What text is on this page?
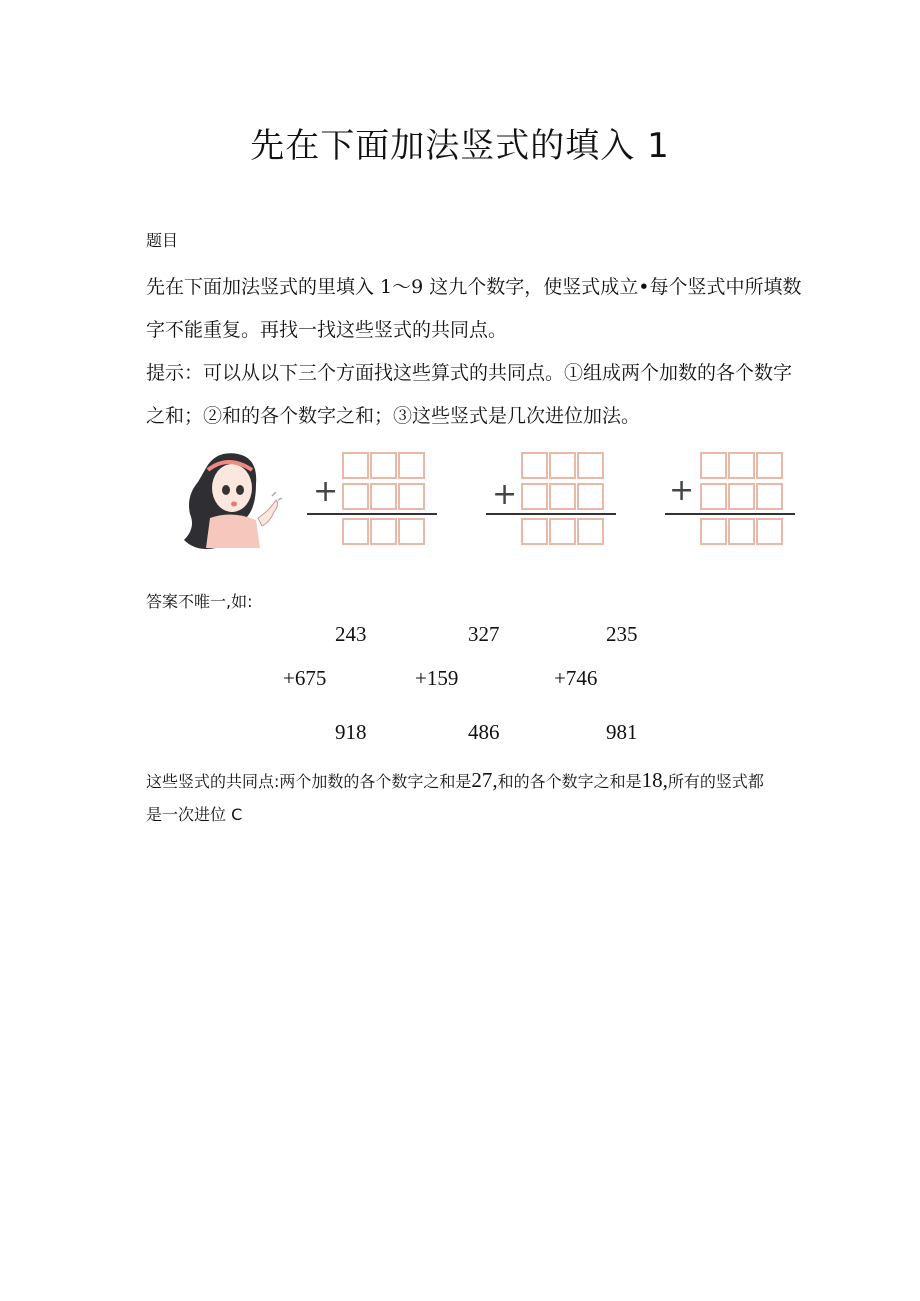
先在下面加法竖式的填入 1
题目

先在下面加法竖式的里填入 1～9 这九个数字，使竖式成立•每个竖式中所填数
字不能重复。再找一找这些竖式的共同点。

提示：可以从以下三个方面找这些算式的共同点。①组成两个加数的各个数字
之和；②和的各个数字之和；③这些竖式是几次进位加法。

+	+	+
答案不唯一,如:
243
+675
918
327
+159
486
235
+746
981

这些竖式的共同点:两个加数的各个数字之和是27,和的各个数字之和是18,所有的竖式都
是一次进位 C
